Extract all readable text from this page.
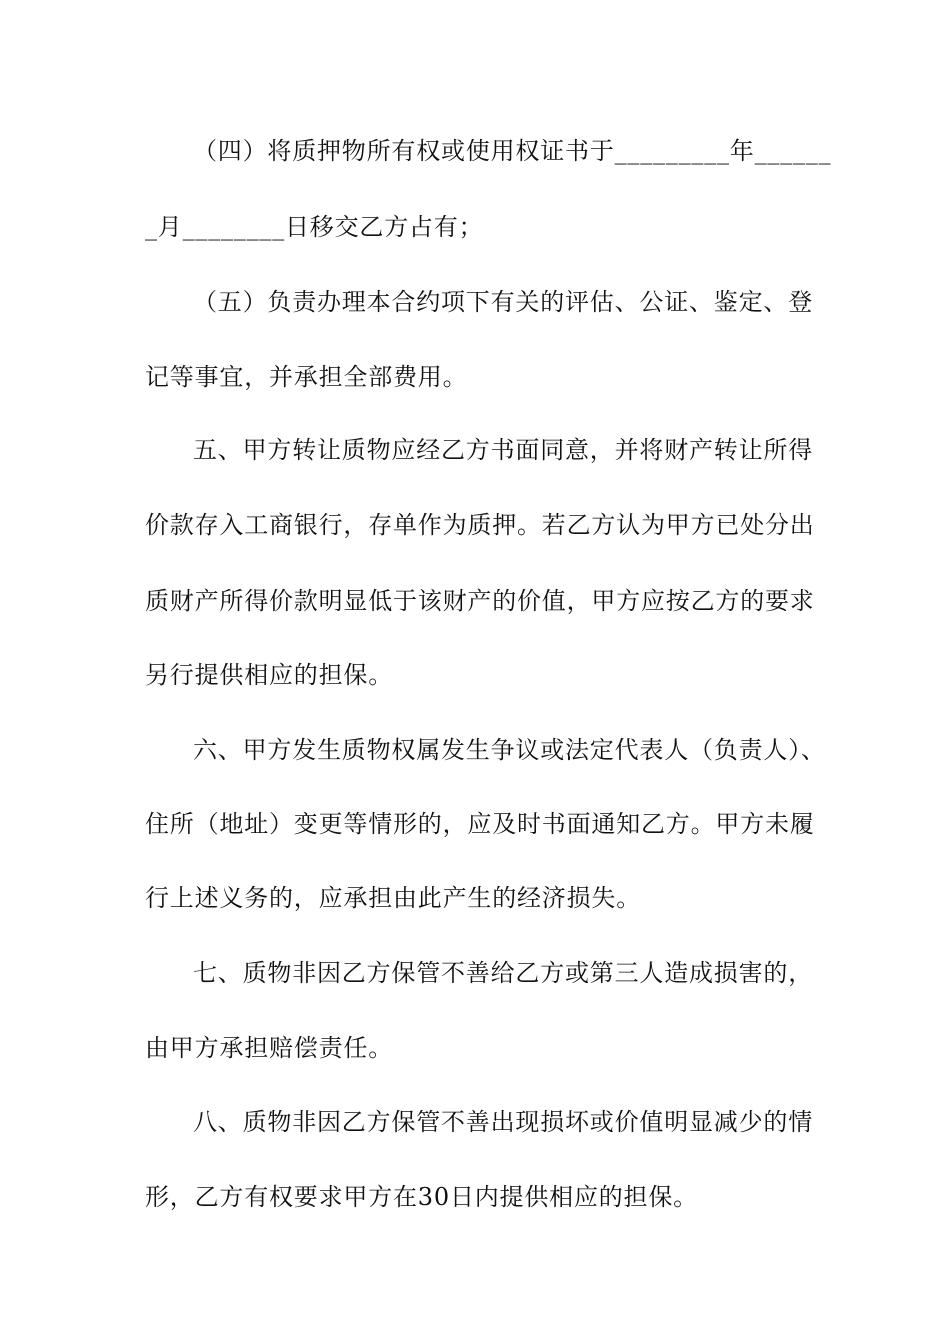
（四）将质押物所有权或使用权证书于_________年______
_月________日移交乙方占有；
（五）负责办理本合约项下有关的评估、公证、鉴定、登
记等事宜，并承担全部费用。
五、甲方转让质物应经乙方书面同意，并将财产转让所得
价款存入工商银行，存单作为质押。若乙方认为甲方已处分出
质财产所得价款明显低于该财产的价值，甲方应按乙方的要求
另行提供相应的担保。
六、甲方发生质物权属发生争议或法定代表人（负责人）、
住所（地址）变更等情形的，应及时书面通知乙方。甲方未履
行上述义务的，应承担由此产生的经济损失。
七、质物非因乙方保管不善给乙方或第三人造成损害的，
由甲方承担赔偿责任。
八、质物非因乙方保管不善出现损坏或价值明显减少的情
形，乙方有权要求甲方在30日内提供相应的担保。
